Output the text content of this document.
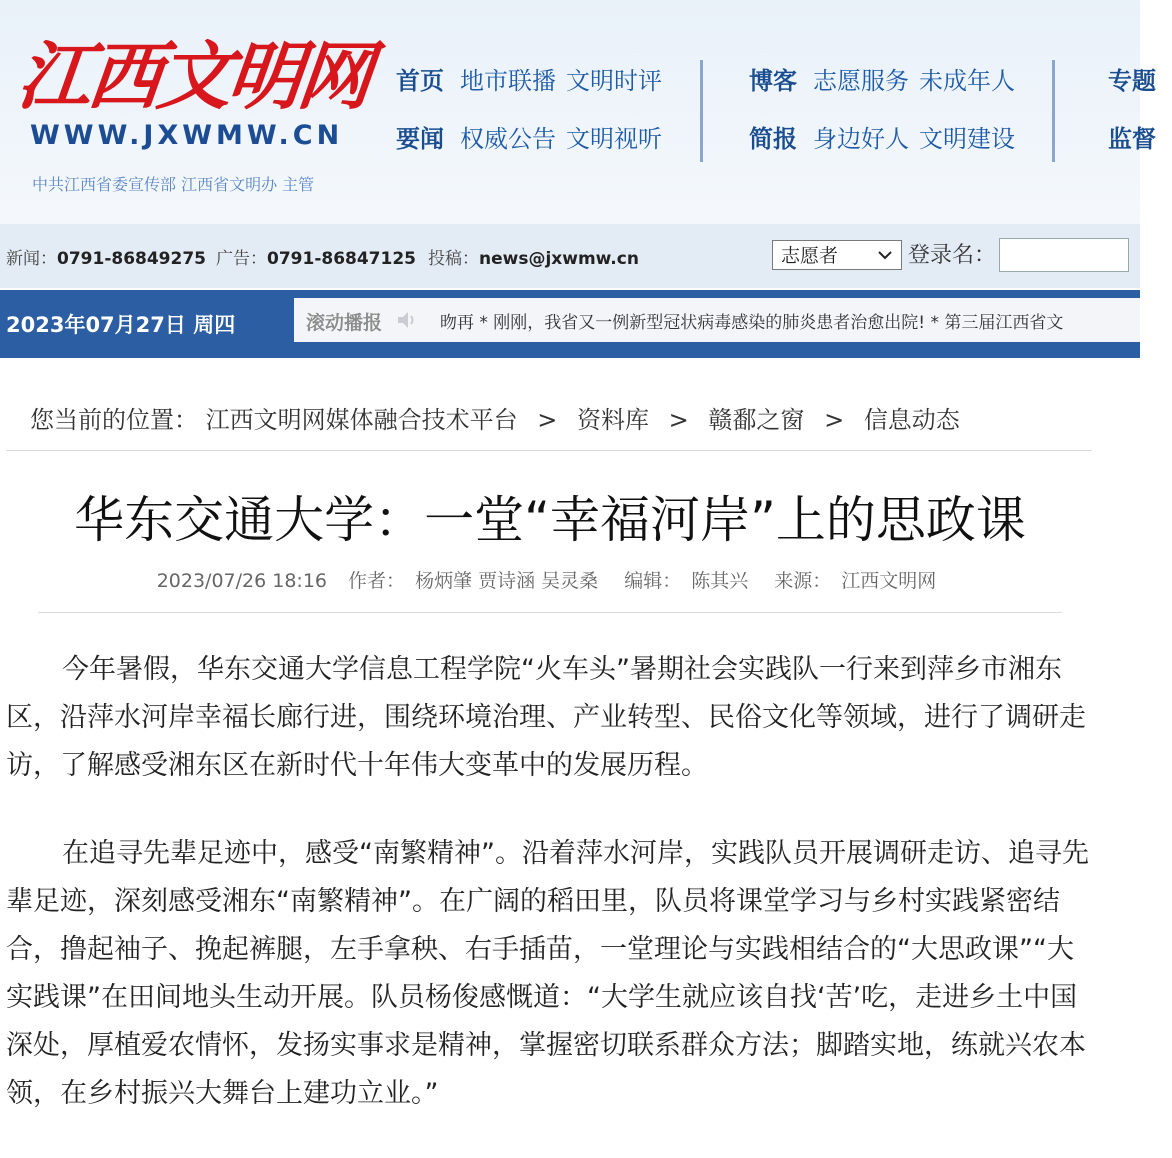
江西文明网
WWW.JXWMW.CN
中共江西省委宣传部 江西省文明办 主管
首页 地市联播 文明时评
要闻 权威公告 文明视听
博客 志愿服务 未成年人
简报 身边好人 文明建设
专题
监督
新闻：0791-86849275 广告：0791-86847125 投稿：news@jxwmw.cn	志愿者	登录名：
2023年07月27日 周四	滚动播报	昒再 * 刚刚，我省又一例新型冠状病毒感染的肺炎患者治愈出院! * 第三届江西省文
您当前的位置： 江西文明网媒体融合技术平台 > 资料库 > 赣鄱之窗 > 信息动态
华东交通大学：一堂“幸福河岸”上的思政课
2023/07/26 18:16 作者： 杨炳肇 贾诗涵 吴灵桑 编辑： 陈其兴 来源： 江西文明网

今年暑假，华东交通大学信息工程学院“火车头”暑期社会实践队一行来到萍乡市湘东区，沿萍水河岸幸福长廊行进，围绕环境治理、产业转型、民俗文化等领域，进行了调研走访，了解感受湘东区在新时代十年伟大变革中的发展历程。

在追寻先辈足迹中，感受“南繁精神”。沿着萍水河岸，实践队员开展调研走访、追寻先辈足迹，深刻感受湘东“南繁精神”。在广阔的稻田里，队员将课堂学习与乡村实践紧密结合，撸起袖子、挽起裤腿，左手拿秧、右手插苗，一堂理论与实践相结合的“大思政课”“大实践课”在田间地头生动开展。队员杨俊感慨道：“大学生就应该自找‘苦’吃，走进乡土中国深处，厚植爱农情怀，发扬实事求是精神，掌握密切联系群众方法；脚踏实地，练就兴农本领，在乡村振兴大舞台上建功立业。”
